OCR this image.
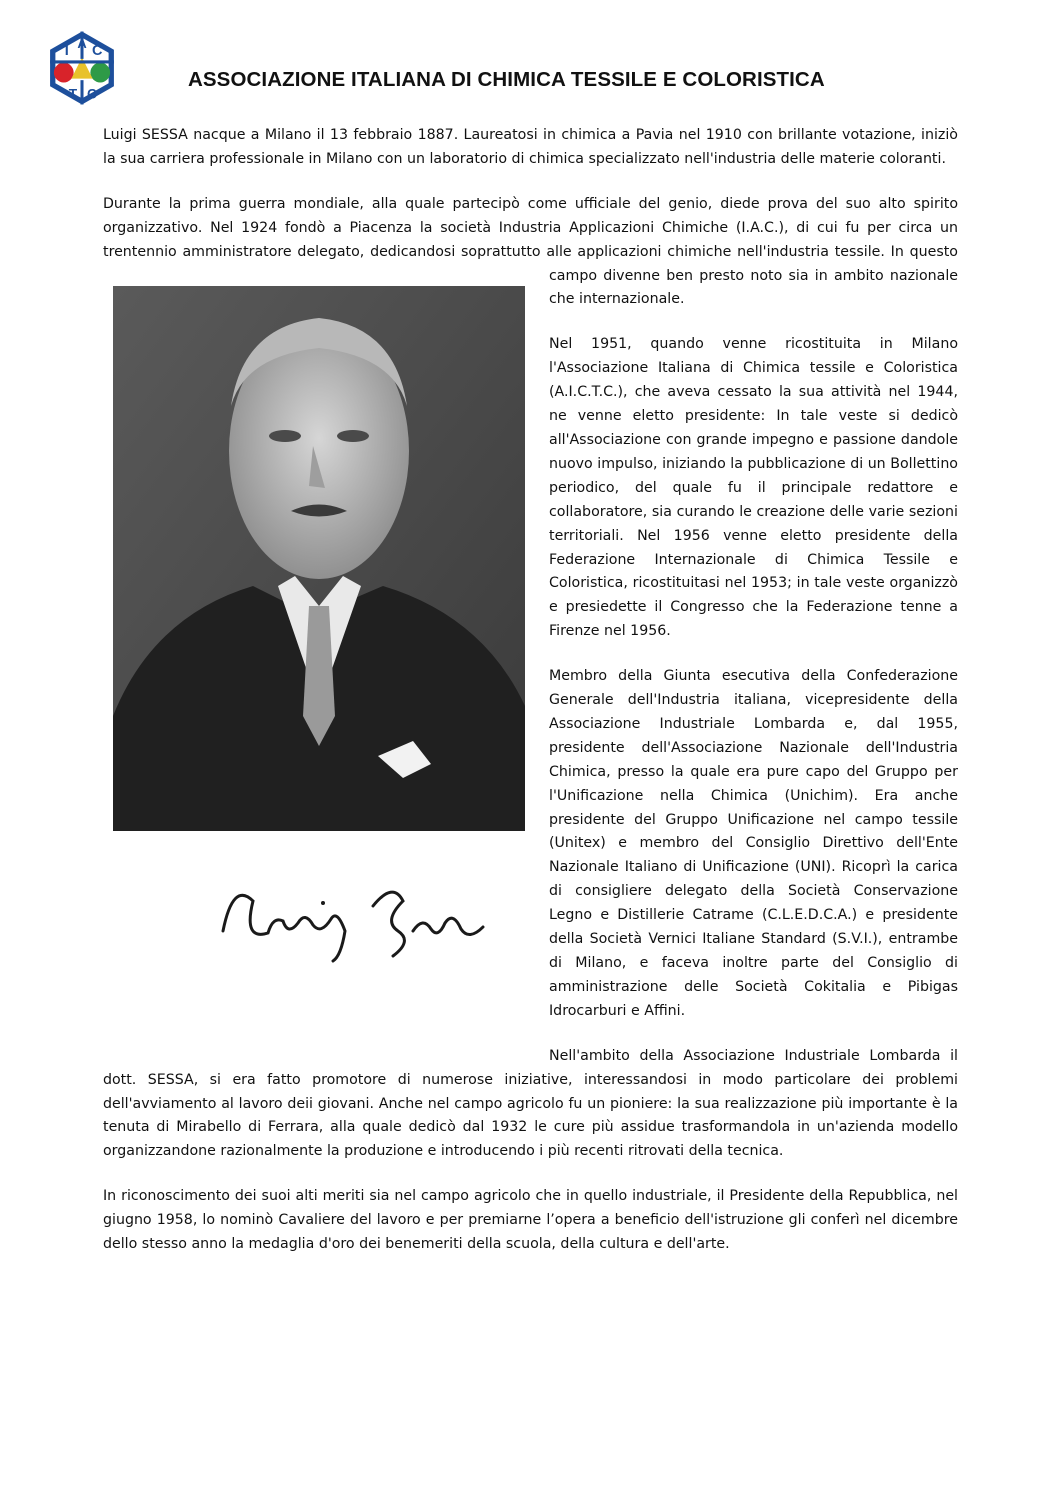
I A C
T C
ASSOCIAZIONE ITALIANA DI CHIMICA TESSILE E COLORISTICA

Luigi SESSA nacque a Milano il 13 febbraio 1887. Laureatosi in chimica a Pavia nel 1910 con brillante votazione, iniziò la sua carriera professionale in Milano con un laboratorio di chimica specializzato nell'industria delle materie coloranti.

Durante la prima guerra mondiale, alla quale partecipò come ufficiale del genio, diede prova del suo alto spirito organizzativo. Nel 1924 fondò a Piacenza la società Industria Applicazioni Chimiche (I.A.C.), di cui fu per circa un trentennio amministratore delegato, dedicandosi soprattutto alle applicazioni chimiche nell'industria tessile. In questo campo divenne ben presto noto sia in ambito nazionale che internazionale.

Nel 1951, quando venne ricostituita in Milano l'Associazione Italiana di Chimica tessile e Coloristica (A.I.C.T.C.), che aveva cessato la sua attività nel 1944, ne venne eletto presidente: In tale veste si dedicò all'Associazione con grande impegno e passione dandole nuovo impulso, iniziando la pubblicazione di un Bollettino periodico, del quale fu il principale redattore e collaboratore, sia curando le creazione delle varie sezioni territoriali. Nel 1956 venne eletto presidente della Federazione Internazionale di Chimica Tessile e Coloristica, ricostituitasi nel 1953; in tale veste organizzò e presiedette il Congresso che la Federazione tenne a Firenze nel 1956.

Membro della Giunta esecutiva della Confederazione Generale dell'Industria italiana, vicepresidente della Associazione Industriale Lombarda e, dal 1955, presidente dell'Associazione Nazionale dell'Industria Chimica, presso la quale era pure capo del Gruppo per l'Unificazione nella Chimica (Unichim). Era anche presidente del Gruppo Unificazione nel campo tessile (Unitex) e membro del Consiglio Direttivo dell'Ente Nazionale Italiano di Unificazione (UNI). Ricoprì la carica di consigliere delegato della Società Conservazione Legno e Distillerie Catrame (C.L.E.D.C.A.) e presidente della Società Vernici Italiane Standard (S.V.I.), entrambe di Milano, e faceva inoltre parte del Consiglio di amministrazione delle Società Cokitalia e Pibigas Idrocarburi e Affini.

Nell'ambito della Associazione Industriale Lombarda il dott. SESSA, si era fatto promotore di numerose iniziative, interessandosi in modo particolare dei problemi dell'avviamento al lavoro deii giovani. Anche nel campo agricolo fu un pioniere: la sua realizzazione più importante è la tenuta di Mirabello di Ferrara, alla quale dedicò dal 1932 le cure più assidue trasformandola in un'azienda modello organizzandone razionalmente la produzione e introducendo i più recenti ritrovati della tecnica.

In riconoscimento dei suoi alti meriti sia nel campo agricolo che in quello industriale, il Presidente della Repubblica, nel giugno 1958, lo nominò Cavaliere del lavoro e per premiarne l’opera a beneficio dell'istruzione gli conferì nel dicembre dello stesso anno la medaglia d'oro dei benemeriti della scuola, della cultura e dell'arte.
